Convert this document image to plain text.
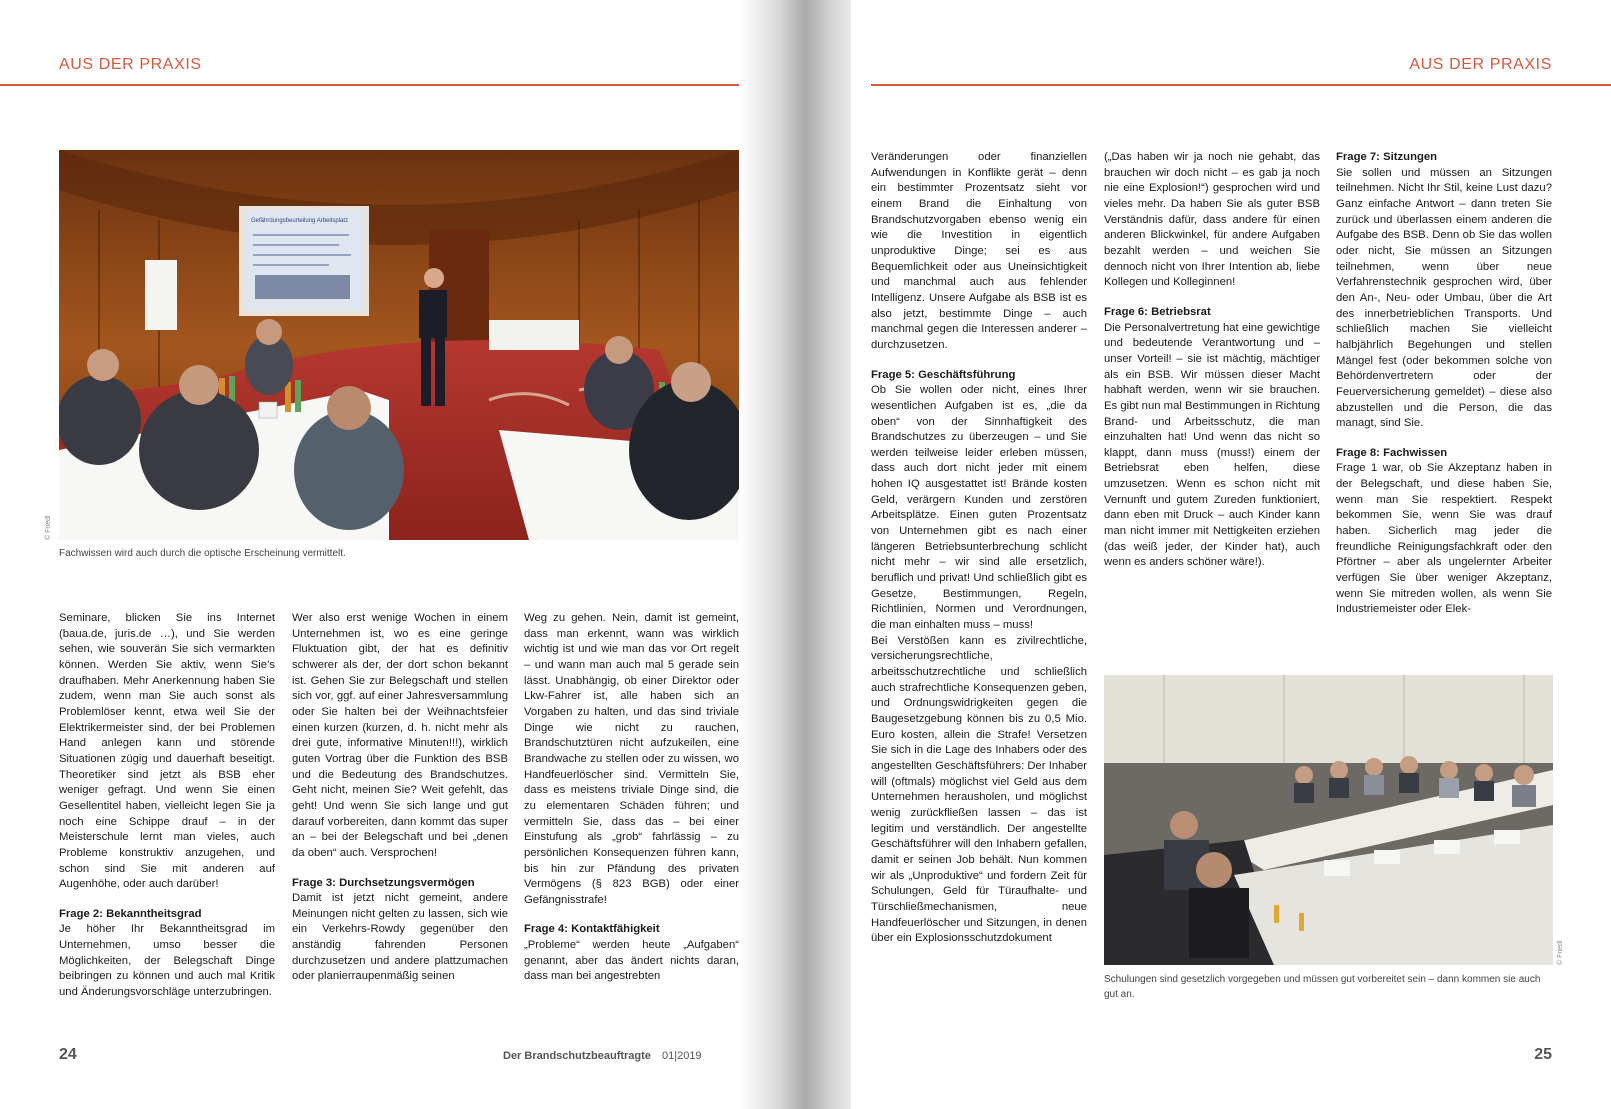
AUS DER PRAXIS
Gefährdungsbeurteilung Arbeitsplatz
© Friedl
Fachwissen wird auch durch die optische Erscheinung vermittelt.

Seminare, blicken Sie ins Internet (baua.de, juris.de …), und Sie werden sehen, wie souverän Sie sich vermarkten können. Werden Sie aktiv, wenn Sie’s draufhaben. Mehr Anerkennung haben Sie zudem, wenn man Sie auch sonst als Problemlöser kennt, etwa weil Sie der Elektrikermeister sind, der bei Problemen Hand anlegen kann und störende Situationen zügig und dauerhaft beseitigt. Theoretiker sind jetzt als BSB eher weniger gefragt. Und wenn Sie einen Gesellentitel haben, vielleicht legen Sie ja noch eine Schippe drauf – in der Meisterschule lernt man vieles, auch Probleme konstruktiv anzugehen, und schon sind Sie mit anderen auf Augenhöhe, oder auch darüber!

Frage 2: Bekanntheitsgrad

Je höher Ihr Bekanntheitsgrad im Unternehmen, umso besser die Möglichkeiten, der Belegschaft Dinge beibringen zu können und auch mal Kritik und Änderungsvorschläge unterzubringen.

Wer also erst wenige Wochen in einem Unternehmen ist, wo es eine geringe Fluktuation gibt, der hat es definitiv schwerer als der, der dort schon bekannt ist. Gehen Sie zur Belegschaft und stellen sich vor, ggf. auf einer Jahresversammlung oder Sie halten bei der Weihnachtsfeier einen kurzen (kurzen, d. h. nicht mehr als drei gute, informative Minuten!!!), wirklich guten Vortrag über die Funktion des BSB und die Bedeutung des Brandschutzes. Geht nicht, meinen Sie? Weit gefehlt, das geht! Und wenn Sie sich lange und gut darauf vorbereiten, dann kommt das super an – bei der Belegschaft und bei „denen da oben“ auch. Versprochen!

Frage 3: Durchsetzungsvermögen

Damit ist jetzt nicht gemeint, andere Meinungen nicht gelten zu lassen, sich wie ein Verkehrs-Rowdy gegenüber den anständig fahrenden Personen durchzusetzen und andere plattzumachen oder planierraupenmäßig seinen

Weg zu gehen. Nein, damit ist gemeint, dass man erkennt, wann was wirklich wichtig ist und wie man das vor Ort regelt – und wann man auch mal 5 gerade sein lässt. Unabhängig, ob einer Direktor oder Lkw-Fahrer ist, alle haben sich an Vorgaben zu halten, und das sind triviale Dinge wie nicht zu rauchen, Brandschutztüren nicht aufzukeilen, eine Brandwache zu stellen oder zu wissen, wo Handfeuerlöscher sind. Vermitteln Sie, dass es meistens triviale Dinge sind, die zu elementaren Schäden führen; und vermitteln Sie, dass das – bei einer Einstufung als „grob“ fahrlässig – zu persönlichen Konsequenzen führen kann, bis hin zur Pfändung des privaten Vermögens (§ 823 BGB) oder einer Gefängnisstrafe!

Frage 4: Kontaktfähigkeit

„Probleme“ werden heute „Aufgaben“ genannt, aber das ändert nichts daran, dass man bei angestrebten

24	Der Brandschutzbeauftragte 01|2019
AUS DER PRAXIS

Veränderungen oder finanziellen Aufwendungen in Konflikte gerät – denn ein bestimmter Prozentsatz sieht vor einem Brand die Einhaltung von Brandschutzvorgaben ebenso wenig ein wie die Investition in eigentlich unproduktive Dinge; sei es aus Bequemlichkeit oder aus Uneinsichtigkeit und manchmal auch aus fehlender Intelligenz. Unsere Aufgabe als BSB ist es also jetzt, bestimmte Dinge – auch manchmal gegen die Interessen anderer – durchzusetzen.

Frage 5: Geschäftsführung

Ob Sie wollen oder nicht, eines Ihrer wesentlichen Aufgaben ist es, „die da oben“ von der Sinnhaftigkeit des Brandschutzes zu überzeugen – und Sie werden teilweise leider erleben müssen, dass auch dort nicht jeder mit einem hohen IQ ausgestattet ist! Brände kosten Geld, verärgern Kunden und zerstören Arbeitsplätze. Einen guten Prozentsatz von Unternehmen gibt es nach einer längeren Betriebsunterbrechung schlicht nicht mehr – wir sind alle ersetzlich, beruflich und privat! Und schließlich gibt es Gesetze, Bestimmungen, Regeln, Richtlinien, Normen und Verordnungen, die man einhalten muss – muss!

Bei Verstößen kann es zivilrechtliche, versicherungsrechtliche, arbeitsschutzrechtliche und schließlich auch strafrechtliche Konsequenzen geben, und Ordnungswidrigkeiten gegen die Baugesetzgebung können bis zu 0,5 Mio. Euro kosten, allein die Strafe! Versetzen Sie sich in die Lage des Inhabers oder des angestellten Geschäftsführers: Der Inhaber will (oftmals) möglichst viel Geld aus dem Unternehmen herausholen, und möglichst wenig zurückfließen lassen – das ist legitim und verständlich. Der angestellte Geschäftsführer will den Inhabern gefallen, damit er seinen Job behält. Nun kommen wir als „Unproduktive“ und fordern Zeit für Schulungen, Geld für Türaufhalte- und Türschließmechanismen, neue Handfeuerlöscher und Sitzungen, in denen über ein Explosionsschutzdokument

(„Das haben wir ja noch nie gehabt, das brauchen wir doch nicht – es gab ja noch nie eine Explosion!“) gesprochen wird und vieles mehr. Da haben Sie als guter BSB Verständnis dafür, dass andere für einen anderen Blickwinkel, für andere Aufgaben bezahlt werden – und weichen Sie dennoch nicht von Ihrer Intention ab, liebe Kollegen und Kolleginnen!

Frage 6: Betriebsrat

Die Personalvertretung hat eine gewichtige und bedeutende Verantwortung und – unser Vorteil! – sie ist mächtig, mächtiger als ein BSB. Wir müssen dieser Macht habhaft werden, wenn wir sie brauchen. Es gibt nun mal Bestimmungen in Richtung Brand- und Arbeitsschutz, die man einzuhalten hat! Und wenn das nicht so klappt, dann muss (muss!) einem der Betriebsrat eben helfen, diese umzusetzen. Wenn es schon nicht mit Vernunft und gutem Zureden funktioniert, dann eben mit Druck – auch Kinder kann man nicht immer mit Nettigkeiten erziehen (das weiß jeder, der Kinder hat), auch wenn es anders schöner wäre!).

Frage 7: Sitzungen

Sie sollen und müssen an Sitzungen teilnehmen. Nicht Ihr Stil, keine Lust dazu? Ganz einfache Antwort – dann treten Sie zurück und überlassen einem anderen die Aufgabe des BSB. Denn ob Sie das wollen oder nicht, Sie müssen an Sitzungen teilnehmen, wenn über neue Verfahrenstechnik gesprochen wird, über den An-, Neu- oder Umbau, über die Art des innerbetrieblichen Transports. Und schließlich machen Sie vielleicht halbjährlich Begehungen und stellen Mängel fest (oder bekommen solche von Behördenvertretern oder der Feuerversicherung gemeldet) – diese also abzustellen und die Person, die das managt, sind Sie.

Frage 8: Fachwissen

Frage 1 war, ob Sie Akzeptanz haben in der Belegschaft, und diese haben Sie, wenn man Sie respektiert. Respekt bekommen Sie, wenn Sie was drauf haben. Sicherlich mag jeder die freundliche Reinigungsfachkraft oder den Pförtner – aber als ungelernter Arbeiter verfügen Sie über weniger Akzeptanz, wenn Sie mitreden wollen, als wenn Sie Industriemeister oder Elek-

© Friedl
Schulungen sind gesetzlich vorgegeben und müssen gut vorbereitet sein – dann kommen sie auch gut an.
25
